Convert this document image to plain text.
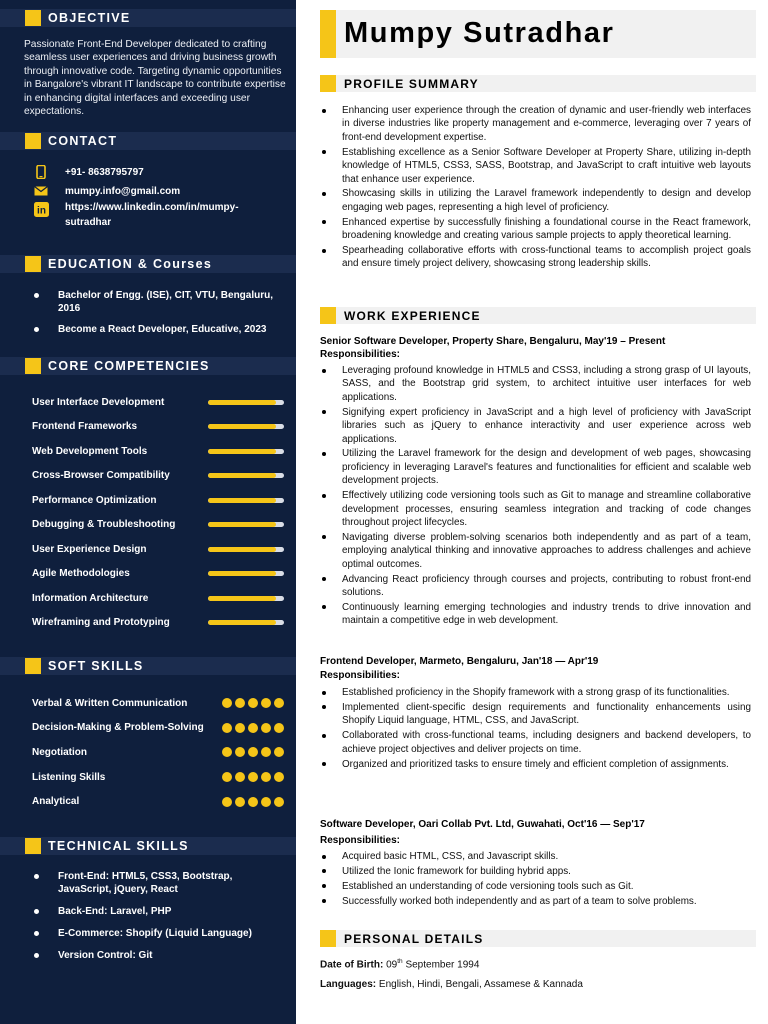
OBJECTIVE
Passionate Front-End Developer dedicated to crafting seamless user experiences and driving business growth through innovative code. Targeting dynamic opportunities in Bangalore's vibrant IT landscape to contribute expertise in enhancing digital interfaces and exceeding user expectations.
CONTACT
+91- 8638795797
mumpy.info@gmail.com
in https://www.linkedin.com/in/mumpy-sutradhar
EDUCATION & Courses
Bachelor of Engg. (ISE), CIT, VTU, Bengaluru, 2016
Become a React Developer, Educative, 2023
CORE COMPETENCIES
User Interface Development
Frontend Frameworks
Web Development Tools
Cross-Browser Compatibility
Performance Optimization
Debugging & Troubleshooting
User Experience Design
Agile Methodologies
Information Architecture
Wireframing and Prototyping
SOFT SKILLS
Verbal & Written Communication
Decision-Making & Problem-Solving
Negotiation
Listening Skills
Analytical
TECHNICAL SKILLS
Front-End: HTML5, CSS3, Bootstrap, JavaScript, jQuery, React
Back-End: Laravel, PHP
E-Commerce: Shopify (Liquid Language)
Version Control: Git
Mumpy Sutradhar
PROFILE SUMMARY
Enhancing user experience through the creation of dynamic and user-friendly web interfaces in diverse industries like property management and e-commerce, leveraging over 7 years of front-end development expertise.
Establishing excellence as a Senior Software Developer at Property Share, utilizing in-depth knowledge of HTML5, CSS3, SASS, Bootstrap, and JavaScript to craft intuitive web layouts that enhance user experience.
Showcasing skills in utilizing the Laravel framework independently to design and develop engaging web pages, representing a high level of proficiency.
Enhanced expertise by successfully finishing a foundational course in the React framework, broadening knowledge and creating various sample projects to apply theoretical learning.
Spearheading collaborative efforts with cross-functional teams to accomplish project goals and ensure timely project delivery, showcasing strong leadership skills.
WORK EXPERIENCE
Senior Software Developer, Property Share, Bengaluru, May'19 – Present
Responsibilities:
Leveraging profound knowledge in HTML5 and CSS3, including a strong grasp of UI layouts, SASS, and the Bootstrap grid system, to architect intuitive user interfaces for web applications.
Signifying expert proficiency in JavaScript and a high level of proficiency with JavaScript libraries such as jQuery to enhance interactivity and user experience across web applications.
Utilizing the Laravel framework for the design and development of web pages, showcasing proficiency in leveraging Laravel's features and functionalities for efficient and scalable web development projects.
Effectively utilizing code versioning tools such as Git to manage and streamline collaborative development processes, ensuring seamless integration and tracking of code changes throughout project lifecycles.
Navigating diverse problem-solving scenarios both independently and as part of a team, employing analytical thinking and innovative approaches to address challenges and achieve optimal outcomes.
Advancing React proficiency through courses and projects, contributing to robust front-end solutions.
Continuously learning emerging technologies and industry trends to drive innovation and maintain a competitive edge in web development.
Frontend Developer, Marmeto, Bengaluru, Jan'18 — Apr'19
Responsibilities:
Established proficiency in the Shopify framework with a strong grasp of its functionalities.
Implemented client-specific design requirements and functionality enhancements using Shopify Liquid language, HTML, CSS, and JavaScript.
Collaborated with cross-functional teams, including designers and backend developers, to achieve project objectives and deliver projects on time.
Organized and prioritized tasks to ensure timely and efficient completion of assignments.
Software Developer, Oari Collab Pvt. Ltd, Guwahati, Oct'16 — Sep'17
Responsibilities:
Acquired basic HTML, CSS, and Javascript skills.
Utilized the Ionic framework for building hybrid apps.
Established an understanding of code versioning tools such as Git.
Successfully worked both independently and as part of a team to solve problems.
PERSONAL DETAILS
Date of Birth: 09th September 1994
Languages: English, Hindi, Bengali, Assamese & Kannada
